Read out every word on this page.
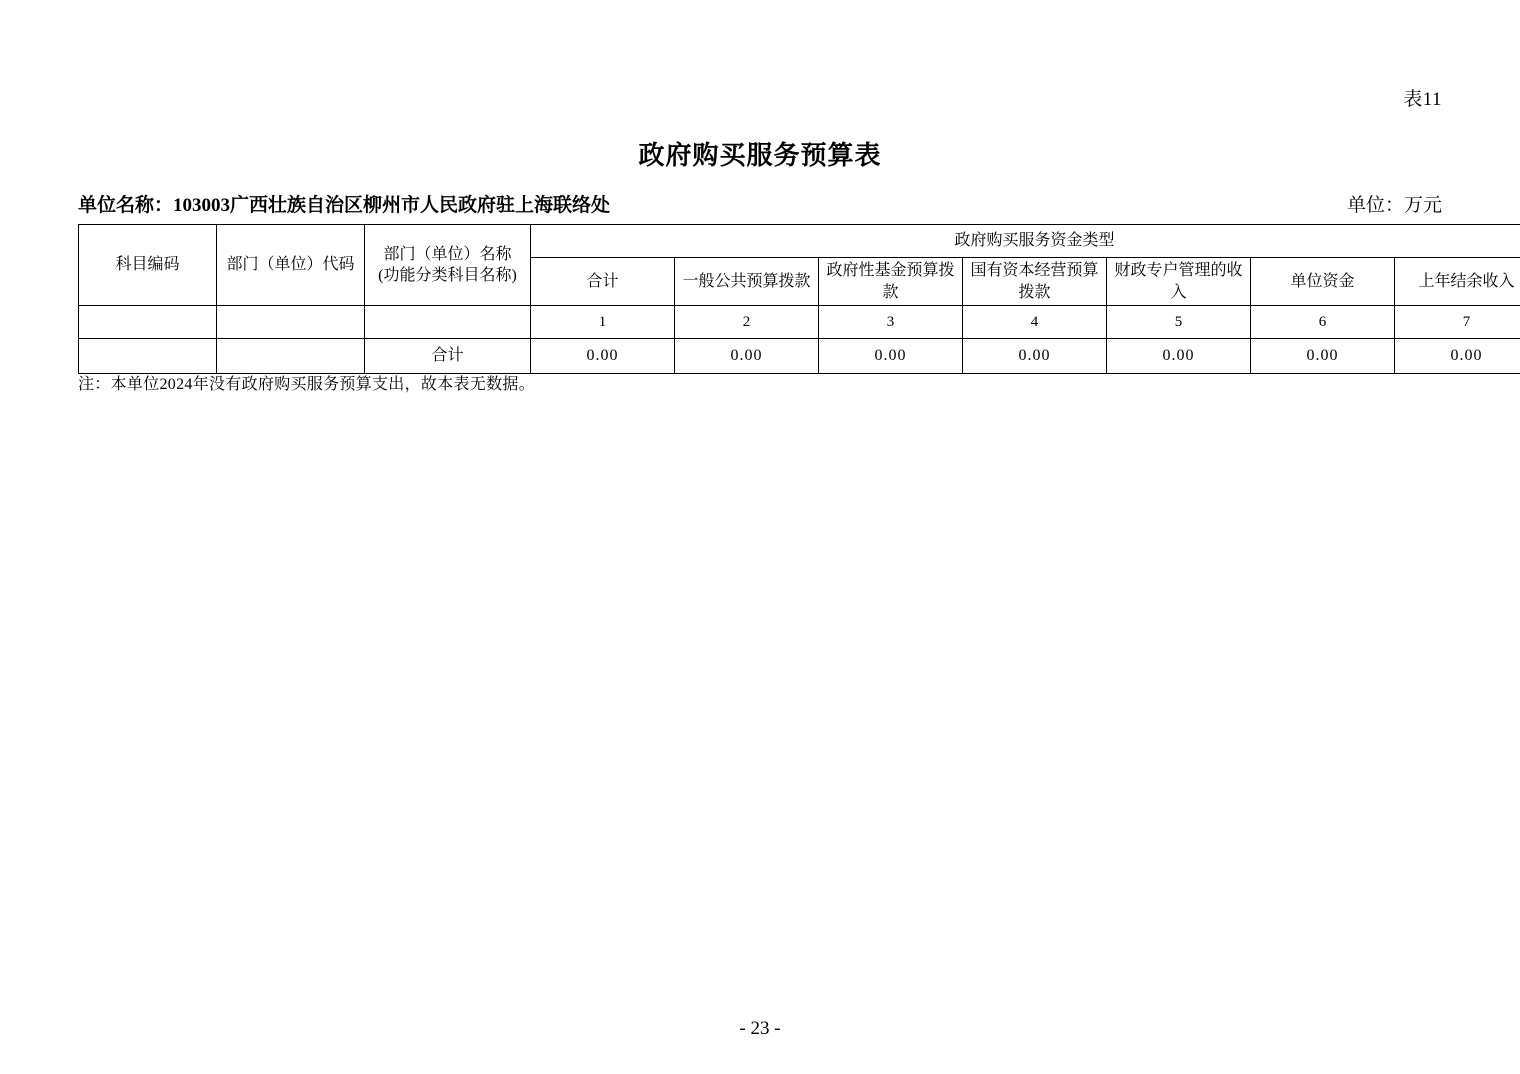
表11
政府购买服务预算表
单位名称：103003广西壮族自治区柳州市人民政府驻上海联络处	单位：万元
科目编码	部门（单位）代码	部门（单位）名称
(功能分类科目名称)	政府购买服务资金类型						
			合计	一般公共预算拨款	政府性基金预算拨款	国有资本经营预算拨款	财政专户管理的收入	单位资金	上年结余收入
			1	2	3	4	5	6	7
		合计	0.00	0.00	0.00	0.00	0.00	0.00	0.00
注：本单位2024年没有政府购买服务预算支出，故本表无数据。
- 23 -
